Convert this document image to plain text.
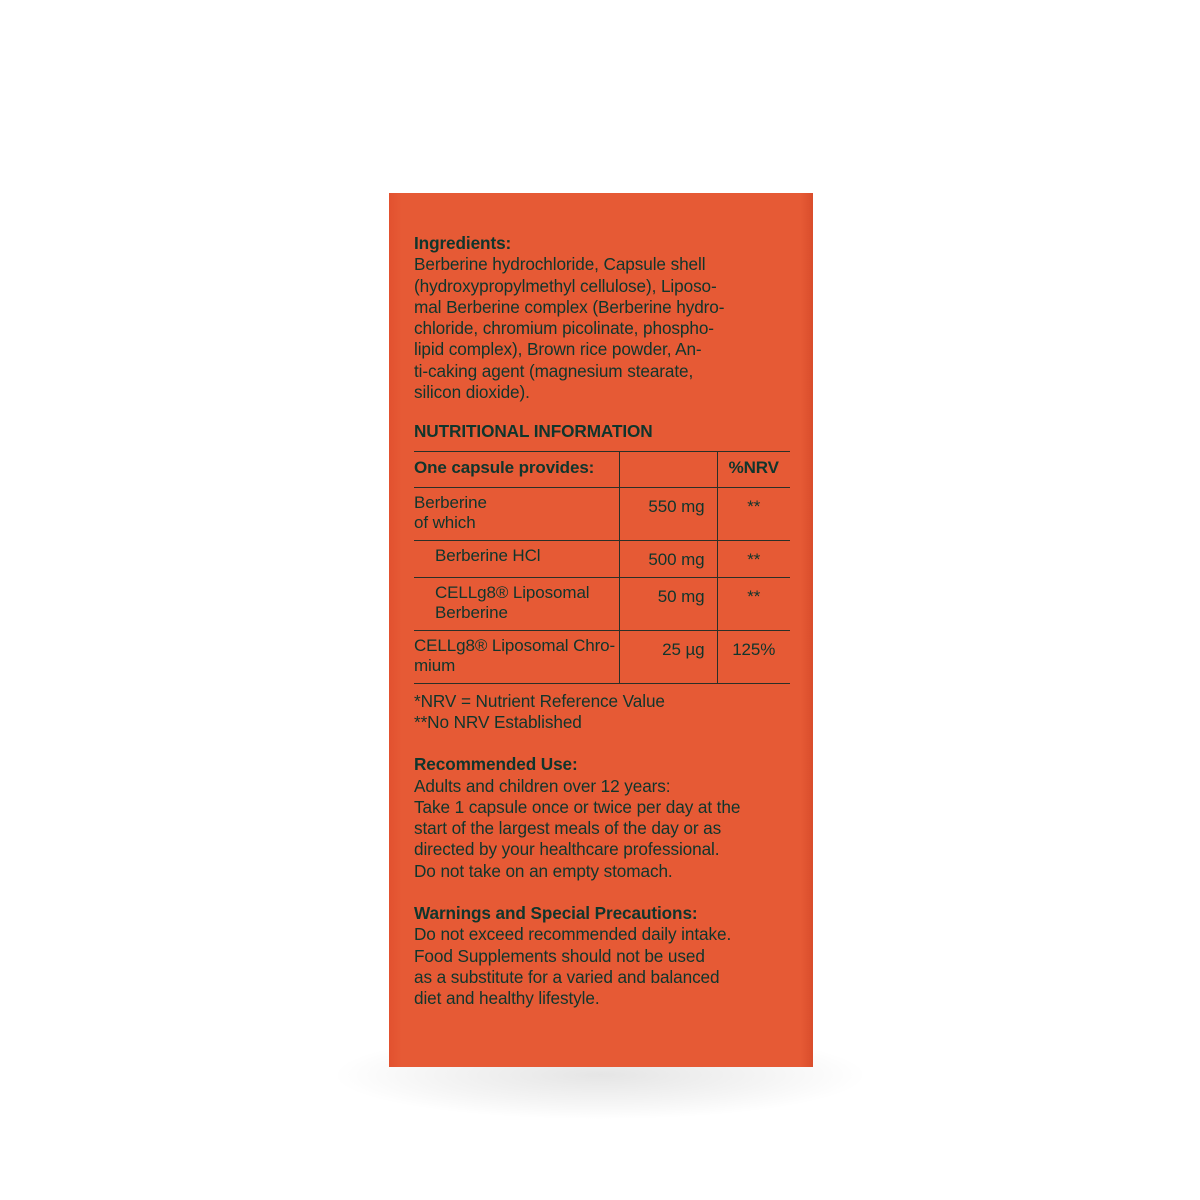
Ingredients:
Berberine hydrochloride, Capsule shell
(hydroxypropylmethyl cellulose), Liposo-
mal Berberine complex (Berberine hydro-
chloride, chromium picolinate, phospho-
lipid complex), Brown rice powder, An-
ti-caking agent (magnesium stearate,
silicon dioxide).
NUTRITIONAL INFORMATION
One capsule provides:		%NRV
Berberine
of which	550 mg	**
Berberine HCl	500 mg	**
CELLg8® Liposomal
Berberine	50 mg	**
CELLg8® Liposomal Chro-
mium	25 µg	125%
*NRV = Nutrient Reference Value
**No NRV Established
Recommended Use:
Adults and children over 12 years:
Take 1 capsule once or twice per day at the
start of the largest meals of the day or as
directed by your healthcare professional.
Do not take on an empty stomach.
Warnings and Special Precautions:
Do not exceed recommended daily intake.
Food Supplements should not be used
as a substitute for a varied and balanced
diet and healthy lifestyle.
